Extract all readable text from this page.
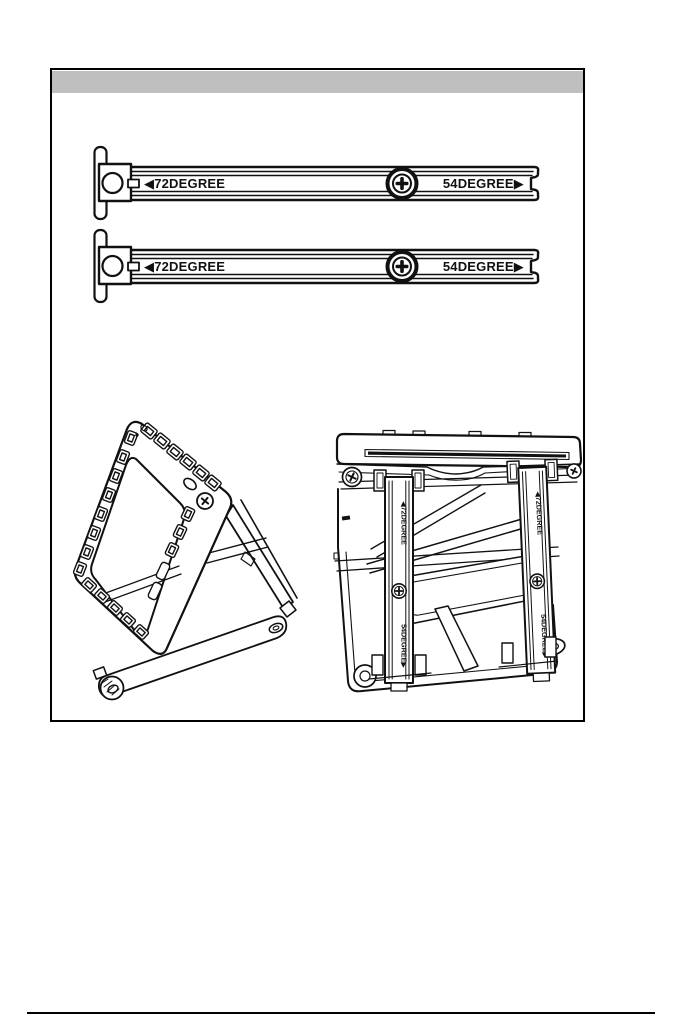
◀72DEGREE	54DEGREE▶
54DEGREE▶
